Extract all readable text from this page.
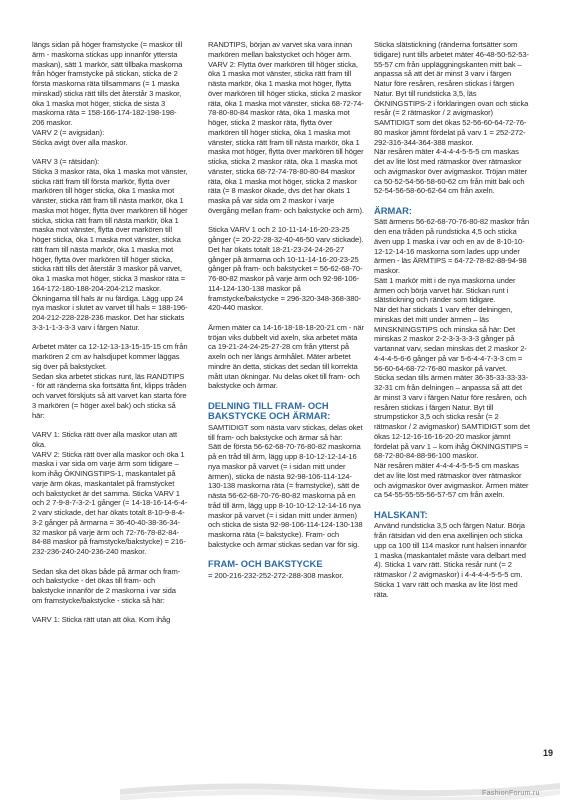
längs sidan på höger framstycke (= maskor till ärm - maskorna stickas upp innanför yttersta maskan), sätt 1 markör, sätt tillbaka maskorna från höger framstycke på stickan, sticka de 2 första maskorna räta tillsammans (= 1 maska minskad) sticka rätt tills det återstår 3 maskor, öka 1 maska mot höger, sticka de sista 3 maskorna räta = 158-166-174-182-198-198-206 maskor.
VARV 2 (= avigsidan):
Sticka avigt över alla maskor.

VARV 3 (= rätsidan):
Sticka 3 maskor räta, öka 1 maska mot vänster, sticka rätt fram till första markör, flytta över markören till höger sticka, öka 1 maska mot vänster, sticka rätt fram till nästa markör, öka 1 maska mot höger, flytta över markören till höger sticka, sticka rätt fram till nästa markör, öka 1 maska mot vänster, flytta över markören till höger sticka, öka 1 maska mot vänster, sticka rätt fram till nästa markör, öka 1 maska mot höger, flytta över markören till höger sticka, sticka rätt tills det återstår 3 maskor på varvet, öka 1 maska mot höger, sticka 3 maskor räta = 164-172-180-188-204-204-212 maskor. Ökningarna till hals är nu färdiga. Lägg upp 24 nya maskor i slutet av varvet till hals = 188-196-204-212-228-228-236 maskor. Det har stickats 3-3-1-1-3-3-3 varv i färgen Natur.

Arbetet mäter ca 12-12-13-13-15-15-15 cm från markören 2 cm av halsdjupet kommer läggas sig över på bakstycket.
Sedan ska arbetet stickas runt, läs RANDTIPS - för att ränderna ska fortsätta fint, klipps tråden och varvet förskjuts så att varvet kan starta före 3 markören (= höger axel bak) och sticka så här:

VARV 1: Sticka rätt över alla maskor utan att öka.
VARV 2: Sticka rätt över alla maskor och öka 1 maska i var sida om varje ärm som tidigare – kom ihåg ÖKNINGSTIPS-1, maskantalet på varje ärm ökas, maskantalet på framstycket och bakstycket är det samma. Sticka VARV 1 och 2 7-9-8-7-3-2-1 gånger (= 14-18-16-14-6-4-2 varv stickade, det har ökats totalt 8-10-9-8-4-3-2 gånger på ärmarna = 36-40-40-38-36-34-32 maskor på varje ärm och 72-76-78-82-84-84-88 maskor på framstycke/bakstycke) = 216-232-236-240-240-236-240 maskor.

Sedan ska det ökas både på ärmar och fram- och bakstycke - det ökas till fram- och bakstycke innanför de 2 maskorna i var sida om framstycke/bakstycke - sticka så här:

VARV 1: Sticka rätt utan att öka. Kom ihåg

RANDTIPS, början av varvet ska vara innan markören mellan bakstycket och höger ärm.
VARV 2: Flytta över markören till höger sticka, öka 1 maska mot vänster, sticka rätt fram till nästa markör, öka 1 maska mot höger, flytta över markören till höger sticka, sticka 2 maskor räta, öka 1 maska mot vänster, sticka 68-72-74-78-80-80-84 maskor räta, öka 1 maska mot höger, sticka 2 maskor räta, flytta över markören till höger sticka, öka 1 maska mot vänster, sticka rätt fram till nästa markör, öka 1 maska mot höger, flytta över markören till höger sticka, sticka 2 maskor räta, öka 1 maska mot vänster, sticka 68-72-74-78-80-80-84 maskor räta, öka 1 maska mot höger, sticka 2 maskor räta (= 8 maskor ökade, dvs det har ökats 1 maska på var sida om 2 maskor i varje övergång mellan fram- och bakstycke och ärm).

Sticka VARV 1 och 2 10-11-14-16-20-23-25 gånger (= 20-22-28-32-40-46-50 varv stickade). Det har ökats totalt 18-21-23-24-24-26-27 gånger på ärmarna och 10-11-14-16-20-23-25 gånger på fram- och bakstycket = 56-62-68-70-76-80-82 maskor på varje ärm och 92-98-106-114-124-130-138 maskor på framstycke/bakstycke = 296-320-348-368-380-420-440 maskor.

Ärmen mäter ca 14-16-18-18-18-20-21 cm - när tröjan viks dubbelt vid axeln, ska arbetet mäta ca 19-21-24-24-25-27-28 cm från ytterst på axeln och ner längs ärmhålet. Mäter arbetet mindre än detta, stickas det sedan till korrekta mått utan ökningar. Nu delas oket till fram- och bakstycke och ärmar.

DELNING TILL FRAM- OCH BAKSTYCKE OCH ÄRMAR:

SAMTIDIGT som nästa varv stickas, delas oket till fram- och bakstycke och ärmar så här:
Sätt de första 56-62-68-70-76-80-82 maskorna på en tråd till ärm, lägg upp 8-10-12-12-14-16 nya maskor på varvet (= i sidan mitt under ärmen), sticka de nästa 92-98-106-114-124-130-138 maskorna räta (= framstycke), sätt de nästa 56-62-68-70-76-80-82 maskorna på en tråd till ärm, lägg upp 8-10-10-12-12-14-16 nya maskor på varvet (= i sidan mitt under ärmen) och sticka de sista 92-98-106-114-124-130-138 maskorna räta (= bakstycke). Fram- och bakstycke och ärmar stickas sedan var för sig.

FRAM- OCH BAKSTYCKE

= 200-216-232-252-272-288-308 maskor.

Sticka slätstickning (ränderna fortsätter som tidigare) runt tills arbetet mäter 46-48-50-52-53-55-57 cm från uppläggningskanten mitt bak – anpassa så att det är minst 3 varv i färgen Natur före resåren, resåren stickas i färgen Natur. Byt till rundsticka 3,5, läs ÖKNINGSTIPS-2 i förklaringen ovan och sticka resår (= 2 rätmaskor / 2 avigmaskor) SAMTIDIGT som det ökas 52-56-60-64-72-76-80 maskor jämnt fördelat på varv 1 = 252-272-292-316-344-364-388 maskor.
När resåren mäter 4-4-4-4-5-5-5 cm maskas det av lite löst med rätmaskor över rätmaskor och avigmaskor över avigmaskor. Tröjan mäter ca 50-52-54-56-58-60-62 cm från mitt bak och 52-54-56-58-60-62-64 cm från axeln.

ÄRMAR:

Sätt ärmens 56-62-68-70-76-80-82 maskor från den ena tråden på rundsticka 4,5 och sticka även upp 1 maska i var och en av de 8-10-10-12-12-14-16 maskorna som lades upp under ärmen - läs ÄRMTIPS = 64-72-78-82-88-94-98 maskor.
Sätt 1 markör mitt i de nya maskorna under ärmen och börja varvet här. Stickan runt i slätstickning och ränder som tidigare.
När det har stickats 1 varv efter delningen, minskas det mitt under ärmen – läs MINSKNINGSTIPS och minska så här: Det minskas 2 maskor 2-2-3-3-3-3-3 gånger på vartannat varv, sedan minskas det 2 maskor 2-4-4-4-5-6-6 gånger på var 5-6-4-4-7-3-3 cm = 56-60-64-68-72-76-80 maskor på varvet.
Sticka sedan tills ärmen mäter 36-35-33-33-33-32-31 cm från delningen – anpassa så att det är minst 3 varv i färgen Natur före resåren, och resåren stickas i färgen Natur. Byt till strumpstickor 3,5 och sticka resår (= 2 rätmaskor / 2 avigmaskor) SAMTIDIGT som det ökas 12-12-16-16-16-20-20 maskor jämnt fördelat på varv 1 – kom ihåg ÖKNINGSTIPS = 68-72-80-84-88-96-100 maskor.
När resåren mäter 4-4-4-4-5-5-5 cm maskas det av lite löst med rätmaskor över rätmaskor och avigmaskor över avigmaskor. Ärmen mäter ca 54-55-55-55-56-57-57 cm från axeln.

HALSKANT:

Använd rundsticka 3,5 och färgen Natur. Börja från rätsidan vid den ena axellinjen och sticka upp ca 100 till 114 maskor runt halsen innanför 1 maska (maskantalet måste vara delbart med 4). Sticka 1 varv rätt. Sticka resår runt (= 2 rätmaskor / 2 avigmaskor) i 4-4-4-4-5-5-5 cm. Sticka 1 varv rätt och maska av lite löst med räta.

19
FashionForum.ru
